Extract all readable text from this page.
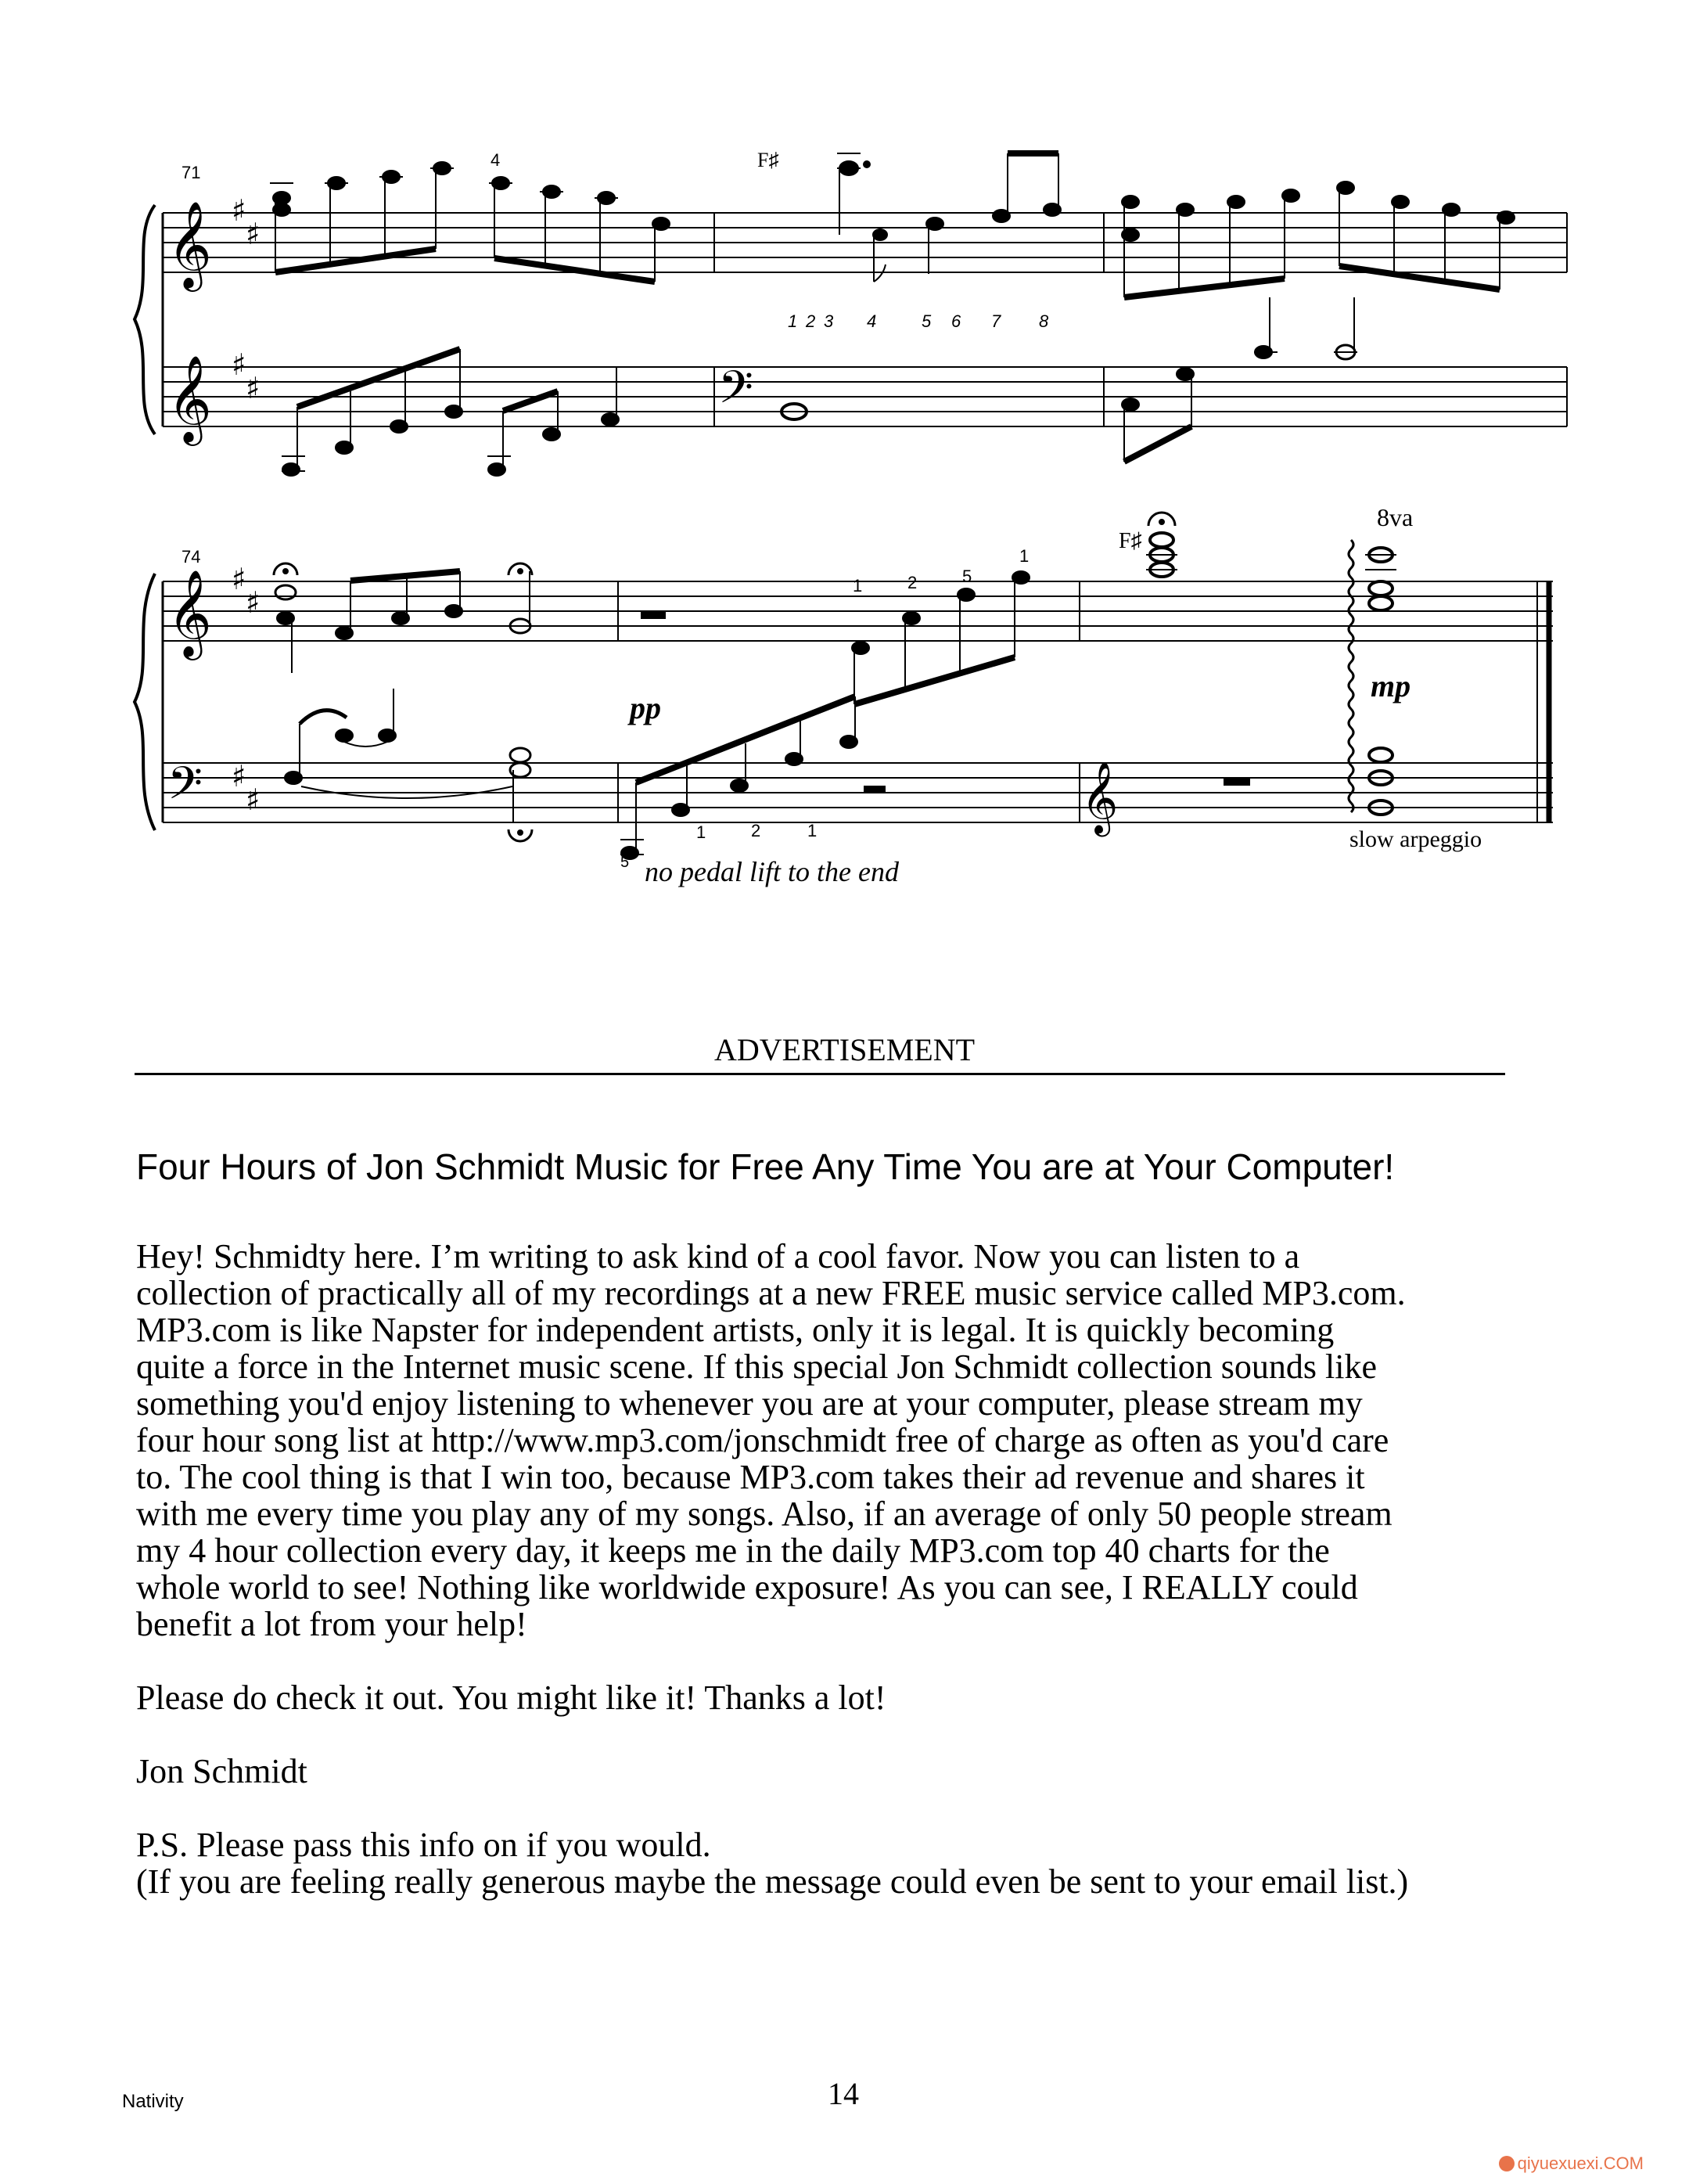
𝄞
𝄞
𝄞
𝄢
𝄢
𝄞
♯
♯
♯
♯
♯
♯
♯
♯
71
4	F♯
1 2 3 4	5 6 7 8
74
F♯
8va
pp
mp
1	2	5
1
5
1	2	1
no pedal lift to the end
slow arpeggio
ADVERTISEMENT
Four Hours of Jon Schmidt Music for Free Any Time You are at Your Computer!

Hey! Schmidty here. I’m writing to ask kind of a cool favor. Now you can listen to a
collection of practically all of my recordings at a new FREE music service called MP3.com.
MP3.com is like Napster for independent artists, only it is legal. It is quickly becoming
quite a force in the Internet music scene. If this special Jon Schmidt collection sounds like
something you'd enjoy listening to whenever you are at your computer, please stream my
four hour song list at http://www.mp3.com/jonschmidt free of charge as often as you'd care
to. The cool thing is that I win too, because MP3.com takes their ad revenue and shares it
with me every time you play any of my songs. Also, if an average of only 50 people stream
my 4 hour collection every day, it keeps me in the daily MP3.com top 40 charts for the
whole world to see! Nothing like worldwide exposure! As you can see, I REALLY could
benefit a lot from your help!

Please do check it out. You might like it! Thanks a lot!

Jon Schmidt

P.S. Please pass this info on if you would.
(If you are feeling really generous maybe the message could even be sent to your email list.)

Nativity	14
qiyuexuexi.COM
